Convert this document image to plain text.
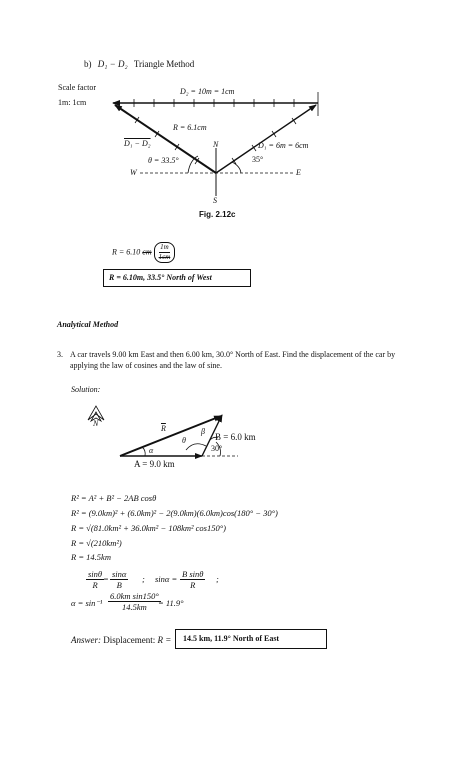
b) D₁ − D₂ Triangle Method
Scale factor
1m: 1cm
D₂ = 10m = 1cm
R = 6.1cm
D₁ − D₂	D₁ = 6m = 6cm
N
S
W	E
θ = 33.5°	35°
Fig. 2.12c
R = 6.10 cm $\frac{1m}{1cm}$
R = 6.10m, 33.5° North of West
Analytical Method
3. A car travels 9.00 km East and then 6.00 km, 30.0° North of East. Find the displacement of the car by applying the law of cosines and the law of sine.
Solution:
N
$\overline{R}$	β
θ
α
B = 6.0 km
30°
A = 9.0 km
R² = A² + B² − 2AB cosθ
R² = (9.0km)² + (6.0km)² − 2(9.0km)(6.0km)cos(180° − 30°)
R = √(81.0km² + 36.0km² − 108km² cos150°)
R = √(210km²)
R = 14.5km
$\frac{\sin\theta}{R}$
= $\frac{\sin\alpha}{B}$ ; $\sin\alpha = \frac{\text{B sinθ}}{R}$ ;
$\alpha = \sin^{-1} \frac{\text{6.0km sin150°}}{14.5km}$
= 11.9°
Answer: Displacement: R = 14.5 km, 11.9° North of East
